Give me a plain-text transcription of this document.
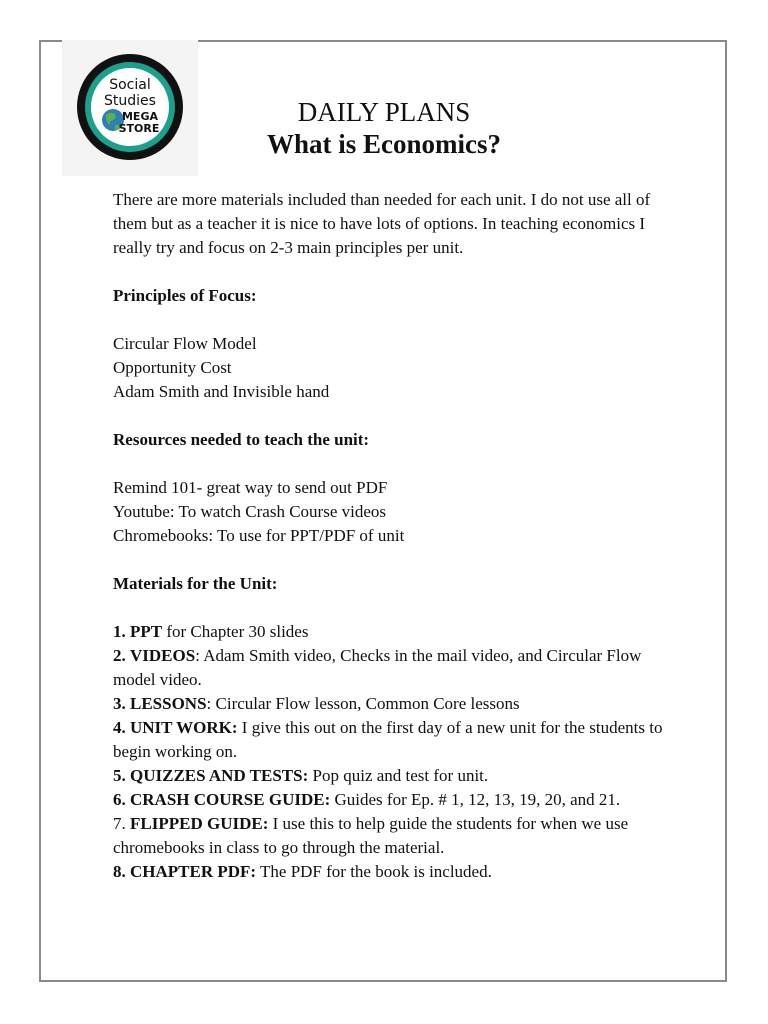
Social
Studies
MEGA
STORE
DAILY PLANS
What is Economics?

There are more materials included than needed for each unit. I do not use all of them but as a teacher it is nice to have lots of options. In teaching economics I really try and focus on 2-3 main principles per unit.

Principles of Focus:

Circular Flow Model

Opportunity Cost

Adam Smith and Invisible hand

Resources needed to teach the unit:

Remind 101- great way to send out PDF

Youtube: To watch Crash Course videos

Chromebooks: To use for PPT/PDF of unit

Materials for the Unit:

1. PPT for Chapter 30 slides

2. VIDEOS: Adam Smith video, Checks in the mail video, and Circular Flow model video.

3. LESSONS: Circular Flow lesson, Common Core lessons

4. UNIT WORK: I give this out on the first day of a new unit for the students to begin working on.

5. QUIZZES AND TESTS: Pop quiz and test for unit.

6. CRASH COURSE GUIDE: Guides for Ep. # 1, 12, 13, 19, 20, and 21.

7. FLIPPED GUIDE: I use this to help guide the students for when we use chromebooks in class to go through the material.

8. CHAPTER PDF: The PDF for the book is included.
